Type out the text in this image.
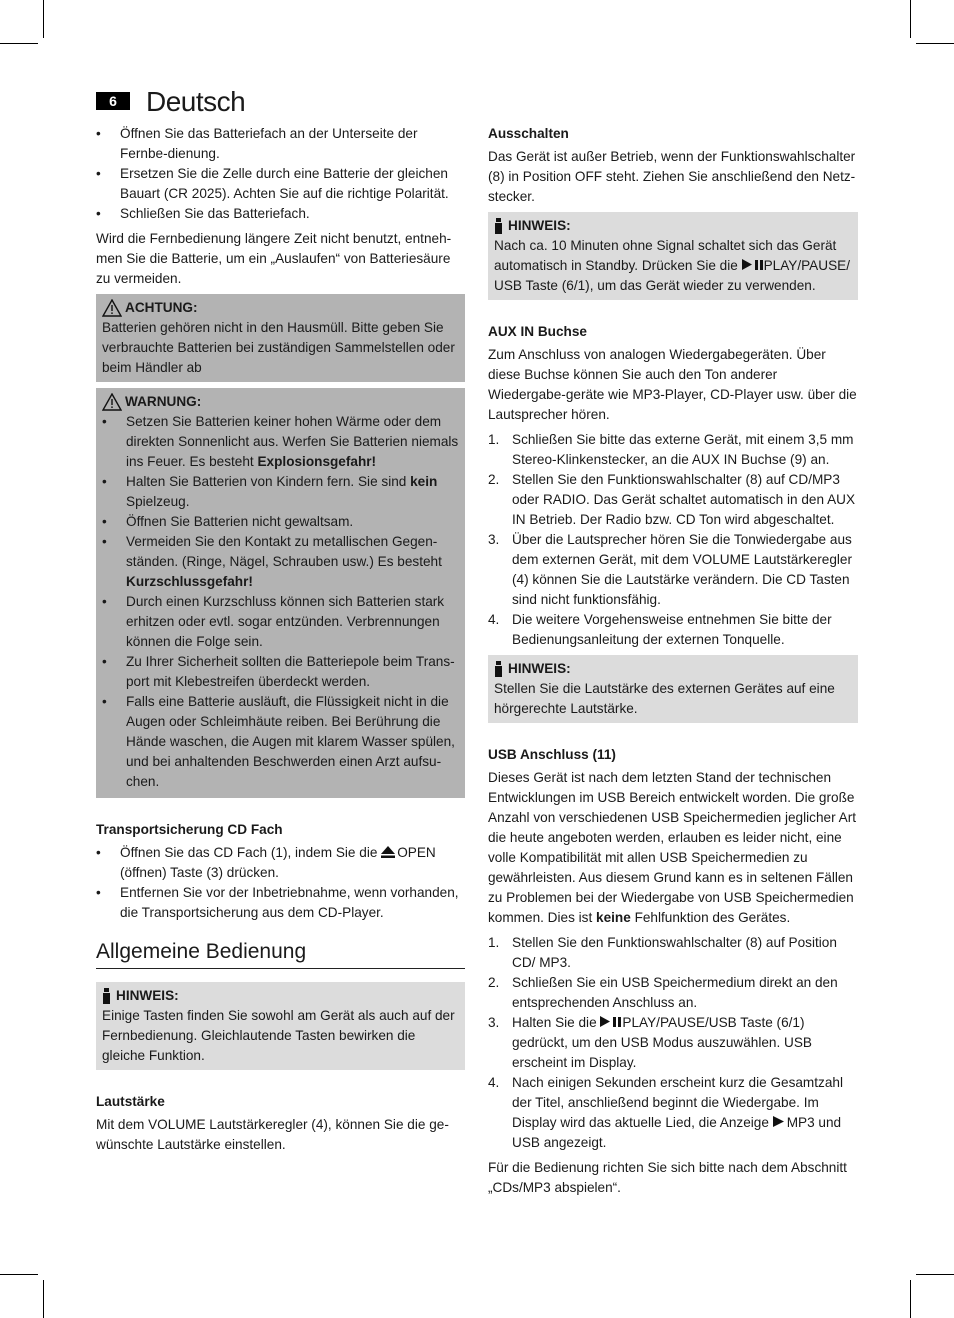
6	Deutsch
• Öffnen Sie das Batteriefach an der Unterseite der Fernbe-dienung.
• Ersetzen Sie die Zelle durch eine Batterie der gleichen Bauart (CR 2025). Achten Sie auf die richtige Polarität.
• Schließen Sie das Batteriefach.

Wird die Fernbedienung längere Zeit nicht benutzt, entneh-men Sie die Batterie, um ein „Auslaufen“ von Batteriesäure zu vermeiden.

ACHTUNG:
Batterien gehören nicht in den Hausmüll. Bitte geben Sie verbrauchte Batterien bei zuständigen Sammelstellen oder beim Händler ab
WARNUNG:
• Setzen Sie Batterien keiner hohen Wärme oder dem direkten Sonnenlicht aus. Werfen Sie Batterien niemals ins Feuer. Es besteht Explosionsgefahr!
• Halten Sie Batterien von Kindern fern. Sie sind kein Spielzeug.
• Öffnen Sie Batterien nicht gewaltsam.
• Vermeiden Sie den Kontakt zu metallischen Gegen-ständen. (Ringe, Nägel, Schrauben usw.) Es besteht Kurzschlussgefahr!
• Durch einen Kurzschluss können sich Batterien stark erhitzen oder evtl. sogar entzünden. Verbrennungen können die Folge sein.
• Zu Ihrer Sicherheit sollten die Batteriepole beim Trans-port mit Klebestreifen überdeckt werden.
• Falls eine Batterie ausläuft, die Flüssigkeit nicht in die Augen oder Schleimhäute reiben. Bei Berührung die Hände waschen, die Augen mit klarem Wasser spülen, und bei anhaltenden Beschwerden einen Arzt aufsu-chen.
Transportsicherung CD Fach
• Öffnen Sie das CD Fach (1), indem Sie die OPEN (öffnen) Taste (3) drücken.
• Entfernen Sie vor der Inbetriebnahme, wenn vorhanden, die Transportsicherung aus dem CD-Player.
Allgemeine Bedienung
HINWEIS:
Einige Tasten finden Sie sowohl am Gerät als auch auf der Fernbedienung. Gleichlautende Tasten bewirken die gleiche Funktion.
Lautstärke

Mit dem VOLUME Lautstärkeregler (4), können Sie die ge-wünschte Lautstärke einstellen.

Ausschalten

Das Gerät ist außer Betrieb, wenn der Funktionswahlschalter (8) in Position OFF steht. Ziehen Sie anschließend den Netz-stecker.

HINWEIS:
Nach ca. 10 Minuten ohne Signal schaltet sich das Gerät automatisch in Standby. Drücken Sie die PLAY/PAUSE/ USB Taste (6/1), um das Gerät wieder zu verwenden.
AUX IN Buchse

Zum Anschluss von analogen Wiedergabegeräten. Über diese Buchse können Sie auch den Ton anderer Wiedergabe-geräte wie MP3-Player, CD-Player usw. über die Lautsprecher hören.

1. Schließen Sie bitte das externe Gerät, mit einem 3,5 mm Stereo-Klinkenstecker, an die AUX IN Buchse (9) an.
2. Stellen Sie den Funktionswahlschalter (8) auf CD/MP3 oder RADIO. Das Gerät schaltet automatisch in den AUX IN Betrieb. Der Radio bzw. CD Ton wird abgeschaltet.
3. Über die Lautsprecher hören Sie die Tonwiedergabe aus dem externen Gerät, mit dem VOLUME Lautstärkeregler (4) können Sie die Lautstärke verändern. Die CD Tasten sind nicht funktionsfähig.
4. Die weitere Vorgehensweise entnehmen Sie bitte der Bedienungsanleitung der externen Tonquelle.
HINWEIS:
Stellen Sie die Lautstärke des externen Gerätes auf eine hörgerechte Lautstärke.
USB Anschluss (11)

Dieses Gerät ist nach dem letzten Stand der technischen Entwicklungen im USB Bereich entwickelt worden. Die große Anzahl von verschiedenen USB Speichermedien jeglicher Art die heute angeboten werden, erlauben es leider nicht, eine volle Kompatibilität mit allen USB Speichermedien zu gewährleisten. Aus diesem Grund kann es in seltenen Fällen zu Problemen bei der Wiedergabe von USB Speichermedien kommen. Dies ist keine Fehlfunktion des Gerätes.

1. Stellen Sie den Funktionswahlschalter (8) auf Position CD/ MP3.
2. Schließen Sie ein USB Speichermedium direkt an den entsprechenden Anschluss an.
3. Halten Sie die PLAY/PAUSE/USB Taste (6/1) gedrückt, um den USB Modus auszuwählen. USB erscheint im Display.
4. Nach einigen Sekunden erscheint kurz die Gesamtzahl der Titel, anschließend beginnt die Wiedergabe. Im Display wird das aktuelle Lied, die Anzeige MP3 und USB angezeigt.

Für die Bedienung richten Sie sich bitte nach dem Abschnitt „CDs/MP3 abspielen“.
